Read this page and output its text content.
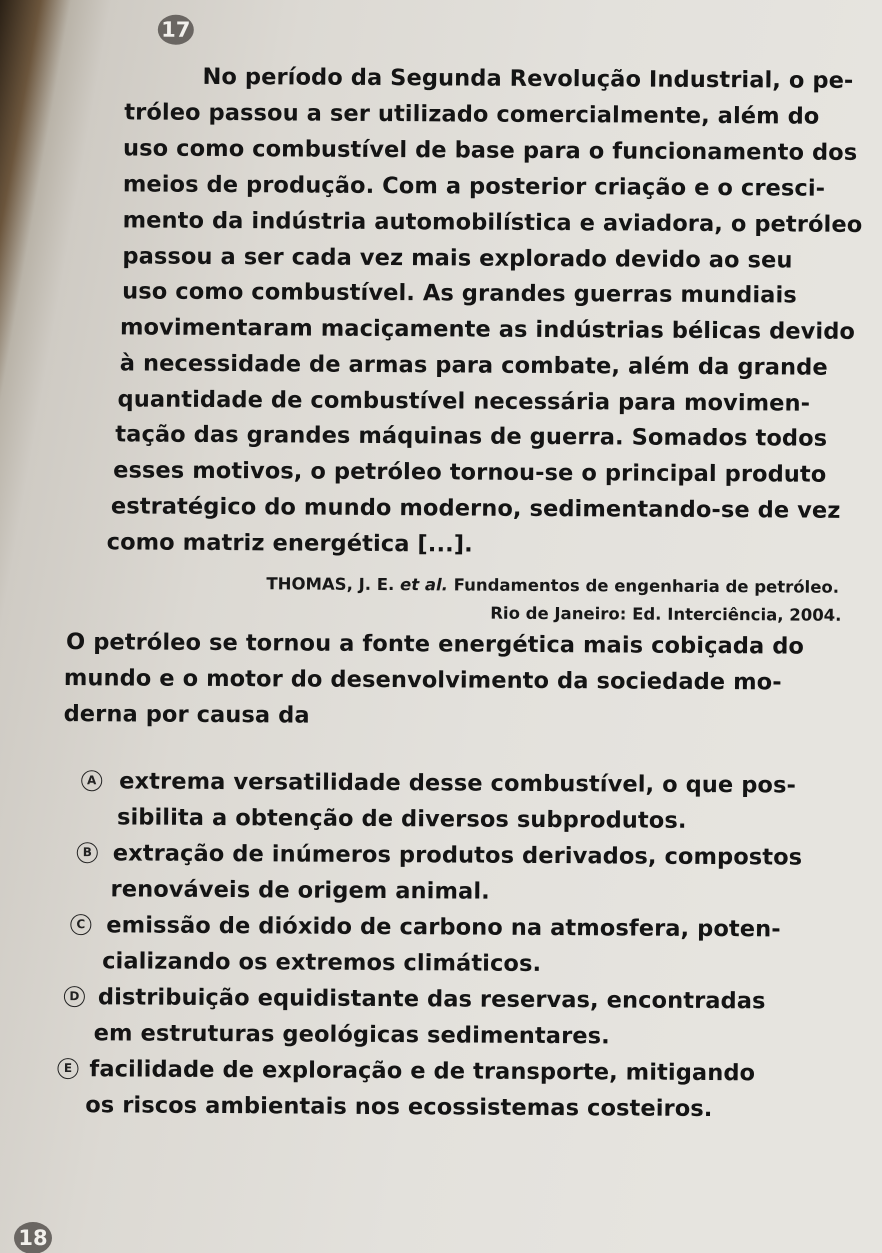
17
No período da Segunda Revolução Industrial, o pe-
tróleo passou a ser utilizado comercialmente, além do
uso como combustível de base para o funcionamento dos
meios de produção. Com a posterior criação e o cresci-
mento da indústria automobilística e aviadora, o petróleo
passou a ser cada vez mais explorado devido ao seu
uso como combustível. As grandes guerras mundiais
movimentaram maciçamente as indústrias bélicas devido
à necessidade de armas para combate, além da grande
quantidade de combustível necessária para movimen-
tação das grandes máquinas de guerra. Somados todos
esses motivos, o petróleo tornou-se o principal produto
estratégico do mundo moderno, sedimentando-se de vez
como matriz energética [...].
THOMAS, J. E. et al. Fundamentos de engenharia de petróleo.
Rio de Janeiro: Ed. Interciência, 2004.
O petróleo se tornou a fonte energética mais cobiçada do
mundo e o motor do desenvolvimento da sociedade mo-
derna por causa da
A extrema versatilidade desse combustível, o que pos-
sibilita a obtenção de diversos subprodutos.
B extração de inúmeros produtos derivados, compostos
renováveis de origem animal.
C emissão de dióxido de carbono na atmosfera, poten-
cializando os extremos climáticos.
D distribuição equidistante das reservas, encontradas
em estruturas geológicas sedimentares.
E facilidade de exploração e de transporte, mitigando
os riscos ambientais nos ecossistemas costeiros.
18
